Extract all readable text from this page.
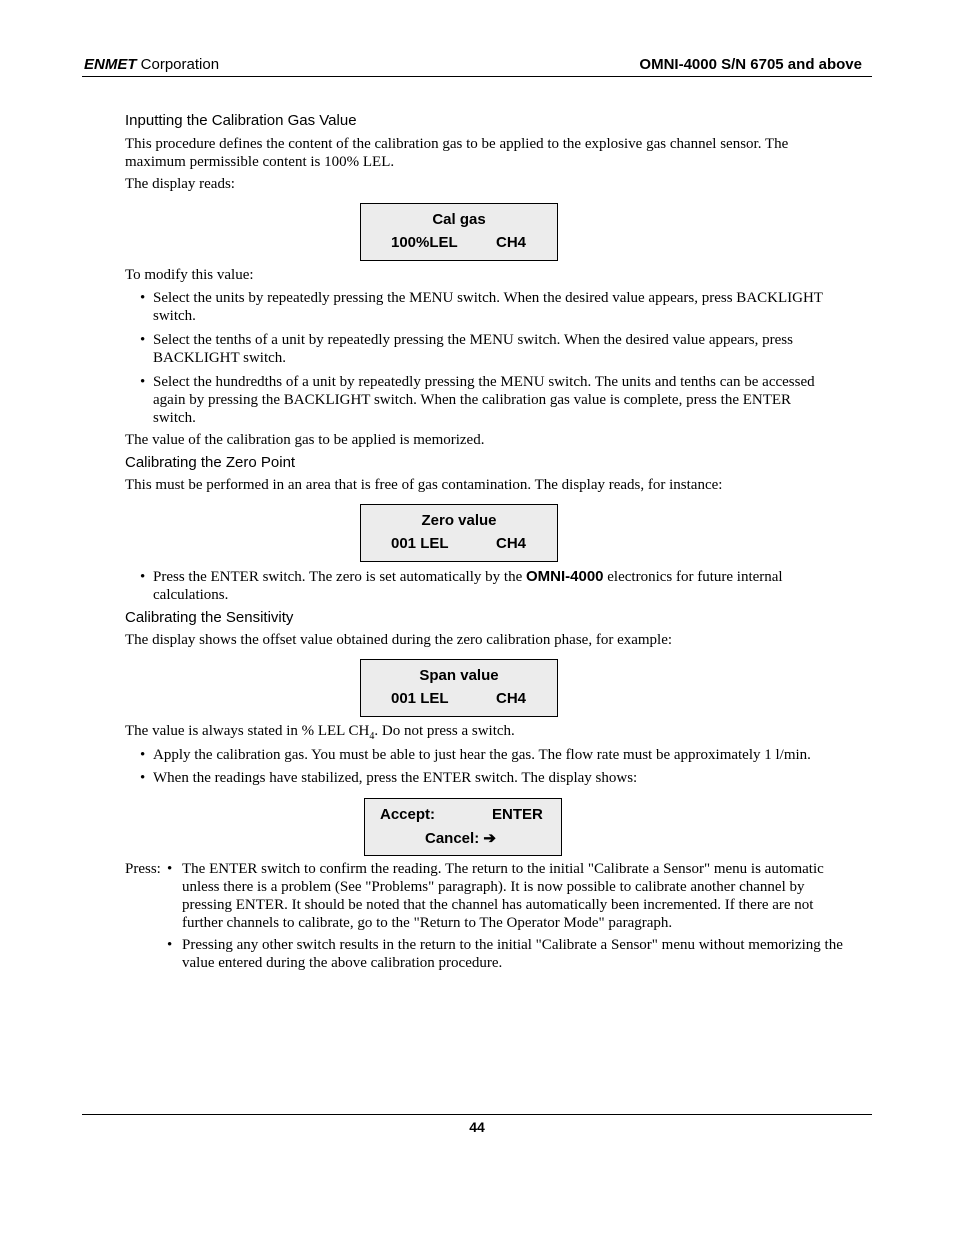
ENMET Corporation	OMNI-4000 S/N 6705 and above
Inputting the Calibration Gas Value
This procedure defines the content of the calibration gas to be applied to the explosive gas channel sensor. The
maximum permissible content is 100% LEL.
The display reads:
Cal gas
100%LEL	CH4
To modify this value:
• Select the units by repeatedly pressing the MENU switch. When the desired value appears, press BACKLIGHT
switch.
• Select the tenths of a unit by repeatedly pressing the MENU switch. When the desired value appears, press
BACKLIGHT switch.
• Select the hundredths of a unit by repeatedly pressing the MENU switch. The units and tenths can be accessed
again by pressing the BACKLIGHT switch. When the calibration gas value is complete, press the ENTER
switch.
The value of the calibration gas to be applied is memorized.
Calibrating the Zero Point
This must be performed in an area that is free of gas contamination. The display reads, for instance:
Zero value
001 LEL	CH4
• Press the ENTER switch. The zero is set automatically by the OMNI-4000 electronics for future internal
calculations.
Calibrating the Sensitivity
The display shows the offset value obtained during the zero calibration phase, for example:
Span value
001 LEL	CH4
The value is always stated in % LEL $CH_4$. Do not press a switch.
• Apply the calibration gas. You must be able to just hear the gas. The flow rate must be approximately 1 l/min.
• When the readings have stabilized, press the ENTER switch. The display shows:
Accept:	ENTER
Cancel: ➔
Press: • The ENTER switch to confirm the reading. The return to the initial "Calibrate a Sensor" menu is automatic
unless there is a problem (See "Problems" paragraph). It is now possible to calibrate another channel by
pressing ENTER. It should be noted that the channel has automatically been incremented. If there are not
further channels to calibrate, go to the "Return to The Operator Mode" paragraph.
• Pressing any other switch results in the return to the initial "Calibrate a Sensor" menu without memorizing the
value entered during the above calibration procedure.
44
